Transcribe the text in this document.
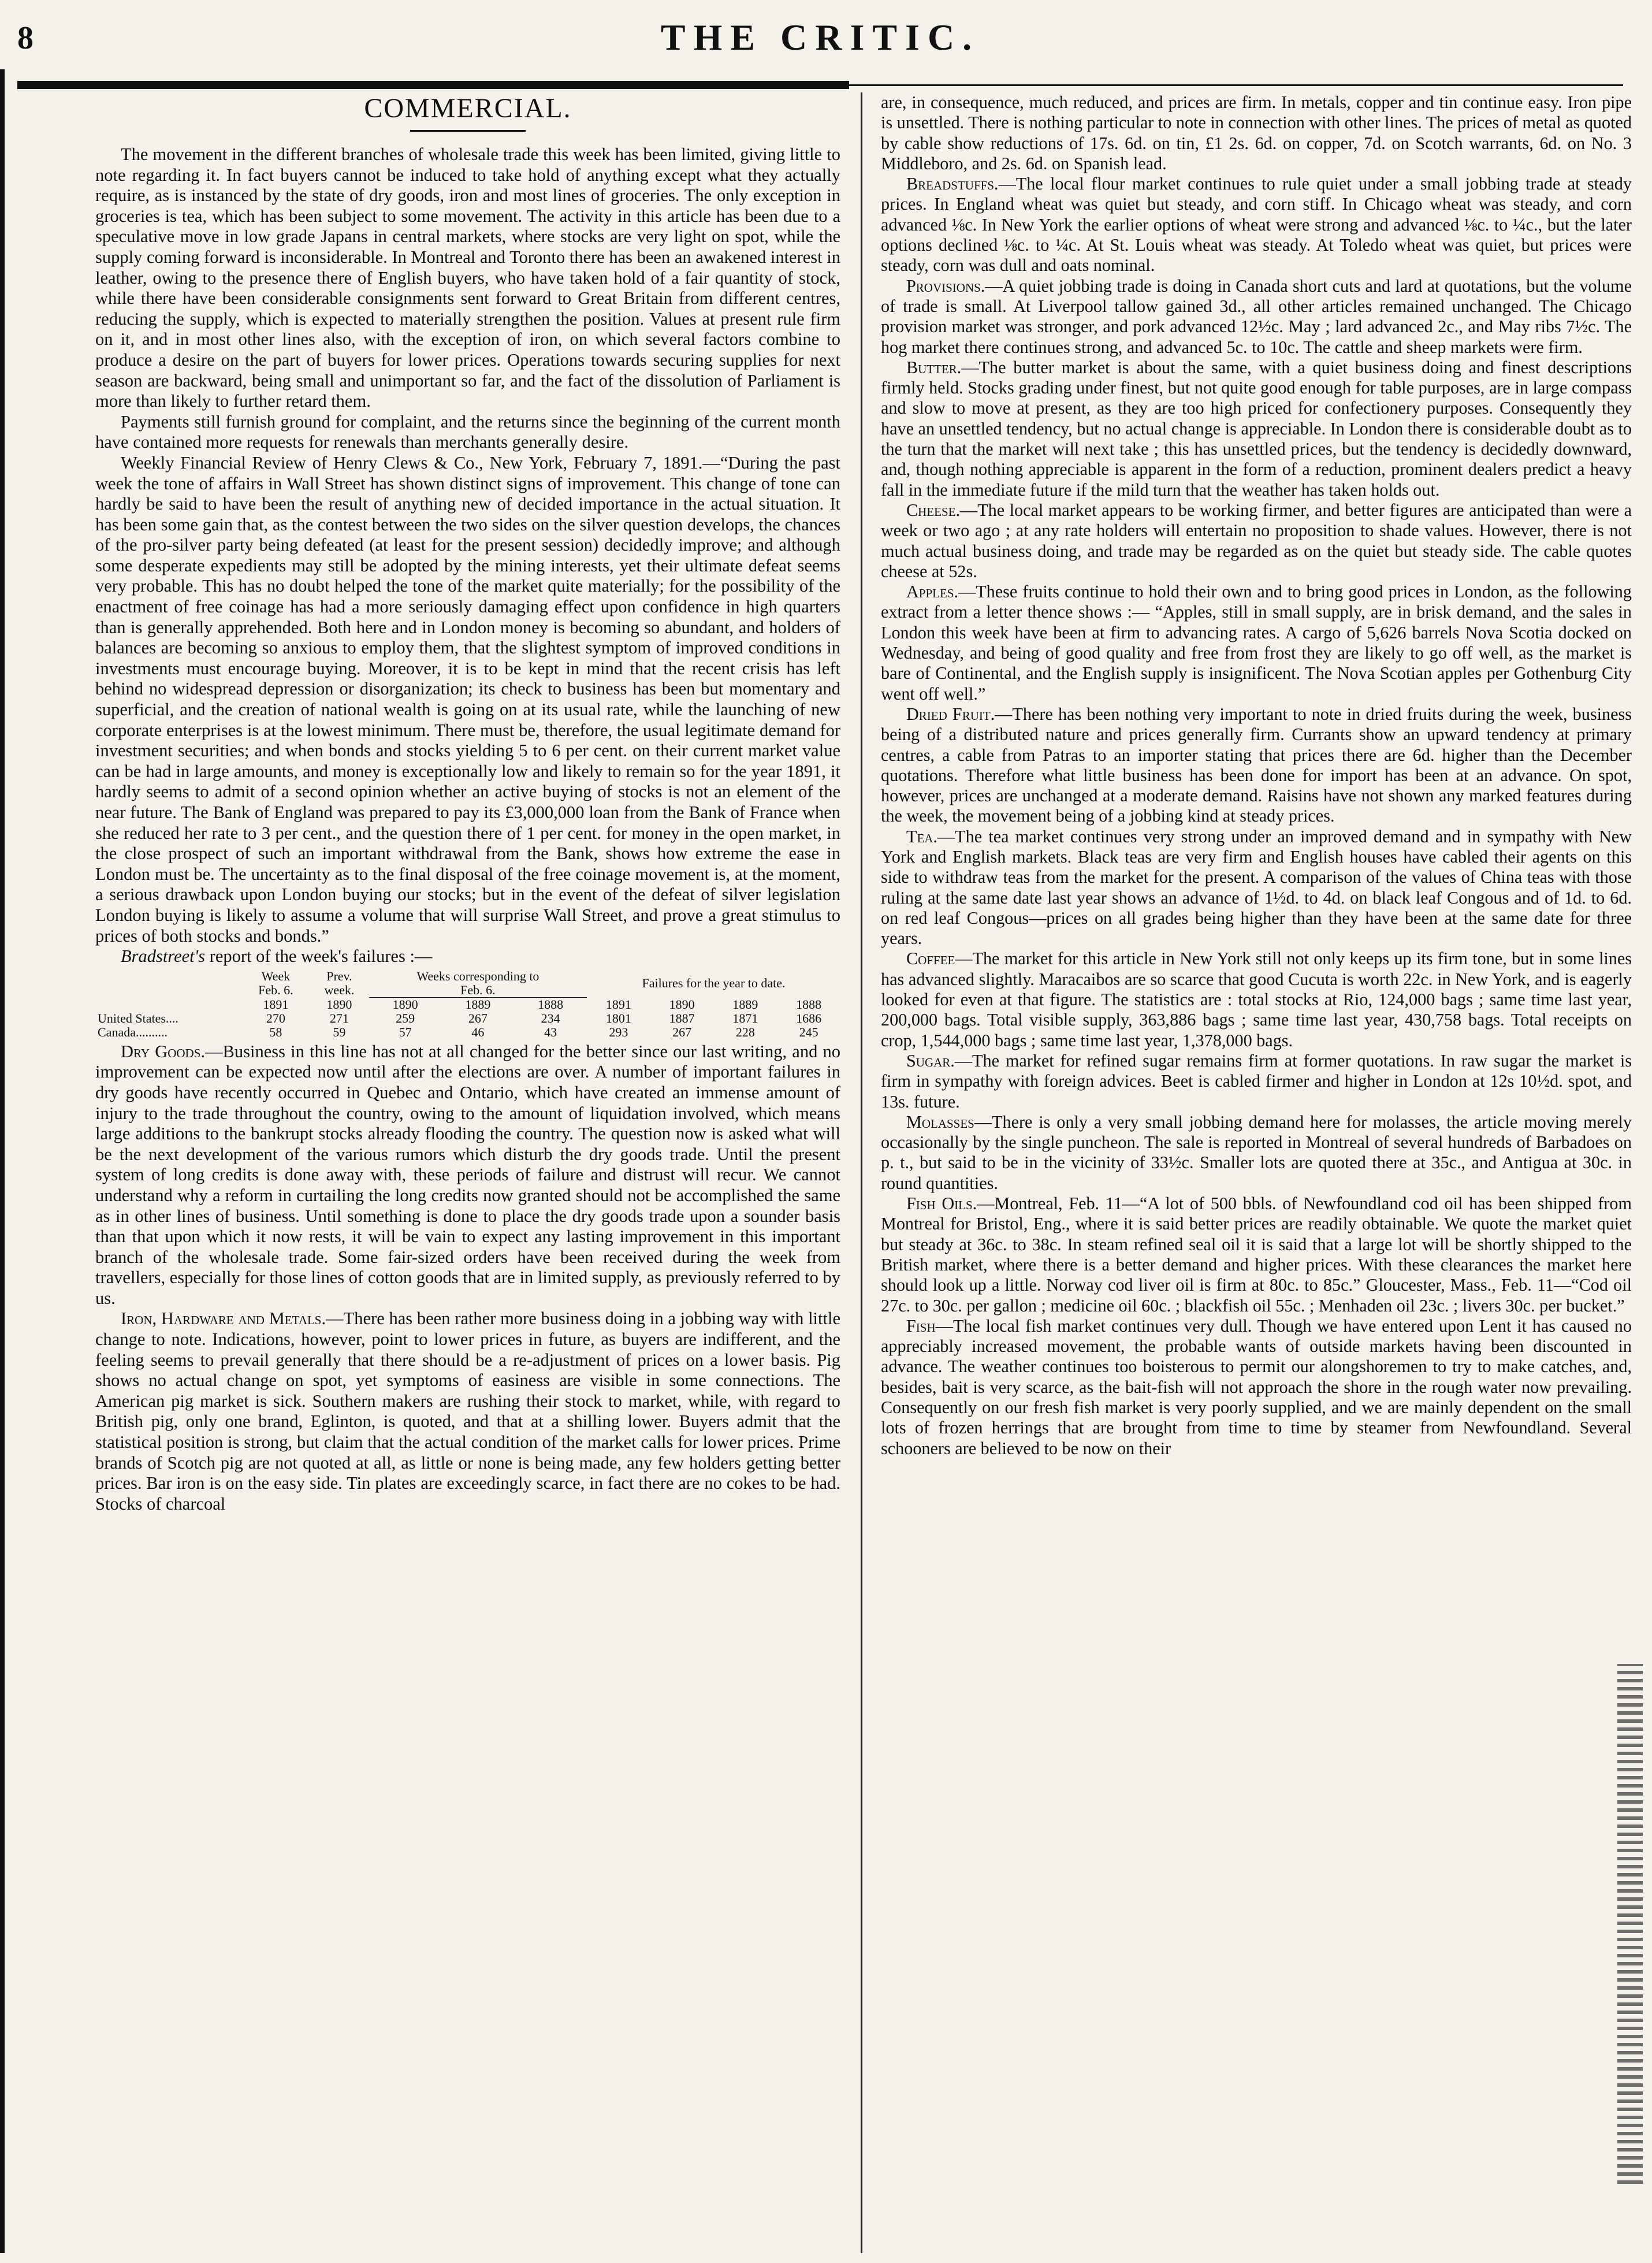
THE CRITIC.
8
COMMERCIAL.

The movement in the different branches of wholesale trade this week has been limited, giving little to note regarding it. In fact buyers cannot be induced to take hold of anything except what they actually require, as is instanced by the state of dry goods, iron and most lines of groceries. The only exception in groceries is tea, which has been subject to some movement. The activity in this article has been due to a speculative move in low grade Japans in central markets, where stocks are very light on spot, while the supply coming forward is inconsiderable. In Montreal and Toronto there has been an awakened interest in leather, owing to the presence there of English buyers, who have taken hold of a fair quantity of stock, while there have been considerable consignments sent forward to Great Britain from different centres, reducing the supply, which is expected to materially strengthen the position. Values at present rule firm on it, and in most other lines also, with the exception of iron, on which several factors combine to produce a desire on the part of buyers for lower prices. Operations towards securing supplies for next season are backward, being small and unimportant so far, and the fact of the dissolution of Parliament is more than likely to further retard them.

Payments still furnish ground for complaint, and the returns since the beginning of the current month have contained more requests for renewals than merchants generally desire.

Weekly Financial Review of Henry Clews & Co., New York, February 7, 1891.—“During the past week the tone of affairs in Wall Street has shown distinct signs of improvement. This change of tone can hardly be said to have been the result of anything new of decided importance in the actual situation. It has been some gain that, as the contest between the two sides on the silver question develops, the chances of the pro-silver party being defeated (at least for the present session) decidedly improve; and although some desperate expedients may still be adopted by the mining interests, yet their ultimate defeat seems very probable. This has no doubt helped the tone of the market quite materially; for the possibility of the enactment of free coinage has had a more seriously damaging effect upon confidence in high quarters than is generally apprehended. Both here and in London money is becoming so abundant, and holders of balances are becoming so anxious to employ them, that the slightest symptom of improved conditions in investments must encourage buying. Moreover, it is to be kept in mind that the recent crisis has left behind no widespread depression or disorganization; its check to business has been but momentary and superficial, and the creation of national wealth is going on at its usual rate, while the launching of new corporate enterprises is at the lowest minimum. There must be, therefore, the usual legitimate demand for investment securities; and when bonds and stocks yielding 5 to 6 per cent. on their current market value can be had in large amounts, and money is exceptionally low and likely to remain so for the year 1891, it hardly seems to admit of a second opinion whether an active buying of stocks is not an element of the near future. The Bank of England was prepared to pay its £3,000,000 loan from the Bank of France when she reduced her rate to 3 per cent., and the question there of 1 per cent. for money in the open market, in the close prospect of such an important withdrawal from the Bank, shows how extreme the ease in London must be. The uncertainty as to the final disposal of the free coinage movement is, at the moment, a serious drawback upon London buying our stocks; but in the event of the defeat of silver legislation London buying is likely to assume a volume that will surprise Wall Street, and prove a great stimulus to prices of both stocks and bonds.”

Bradstreet's report of the week's failures :—

	Week	Prev.	Weeks corresponding to			Failures for the year to date.			
	Feb. 6.	week.	Feb. 6.						
	1891	1890	1890	1889	1888	1891	1890	1889	1888
United States....	270	271	259	267	234	1801	1887	1871	1686
Canada..........	58	59	57	46	43	293	267	228	245

Dry Goods.—Business in this line has not at all changed for the better since our last writing, and no improvement can be expected now until after the elections are over. A number of important failures in dry goods have recently occurred in Quebec and Ontario, which have created an immense amount of injury to the trade throughout the country, owing to the amount of liquidation involved, which means large additions to the bankrupt stocks already flooding the country. The question now is asked what will be the next development of the various rumors which disturb the dry goods trade. Until the present system of long credits is done away with, these periods of failure and distrust will recur. We cannot understand why a reform in curtailing the long credits now granted should not be accomplished the same as in other lines of business. Until something is done to place the dry goods trade upon a sounder basis than that upon which it now rests, it will be vain to expect any lasting improvement in this important branch of the wholesale trade. Some fair-sized orders have been received during the week from travellers, especially for those lines of cotton goods that are in limited supply, as previously referred to by us.

Iron, Hardware and Metals.—There has been rather more business doing in a jobbing way with little change to note. Indications, however, point to lower prices in future, as buyers are indifferent, and the feeling seems to prevail generally that there should be a re-adjustment of prices on a lower basis. Pig shows no actual change on spot, yet symptoms of easiness are visible in some connections. The American pig market is sick. Southern makers are rushing their stock to market, while, with regard to British pig, only one brand, Eglinton, is quoted, and that at a shilling lower. Buyers admit that the statistical position is strong, but claim that the actual condition of the market calls for lower prices. Prime brands of Scotch pig are not quoted at all, as little or none is being made, any few holders getting better prices. Bar iron is on the easy side. Tin plates are exceedingly scarce, in fact there are no cokes to be had. Stocks of charcoal

are, in consequence, much reduced, and prices are firm. In metals, copper and tin continue easy. Iron pipe is unsettled. There is nothing particular to note in connection with other lines. The prices of metal as quoted by cable show reductions of 17s. 6d. on tin, £1 2s. 6d. on copper, 7d. on Scotch warrants, 6d. on No. 3 Middleboro, and 2s. 6d. on Spanish lead.

Breadstuffs.—The local flour market continues to rule quiet under a small jobbing trade at steady prices. In England wheat was quiet but steady, and corn stiff. In Chicago wheat was steady, and corn advanced ⅛c. In New York the earlier options of wheat were strong and advanced ⅛c. to ¼c., but the later options declined ⅛c. to ¼c. At St. Louis wheat was steady. At Toledo wheat was quiet, but prices were steady, corn was dull and oats nominal.

Provisions.—A quiet jobbing trade is doing in Canada short cuts and lard at quotations, but the volume of trade is small. At Liverpool tallow gained 3d., all other articles remained unchanged. The Chicago provision market was stronger, and pork advanced 12½c. May ; lard advanced 2c., and May ribs 7½c. The hog market there continues strong, and advanced 5c. to 10c. The cattle and sheep markets were firm.

Butter.—The butter market is about the same, with a quiet business doing and finest descriptions firmly held. Stocks grading under finest, but not quite good enough for table purposes, are in large compass and slow to move at present, as they are too high priced for confectionery purposes. Consequently they have an unsettled tendency, but no actual change is appreciable. In London there is considerable doubt as to the turn that the market will next take ; this has unsettled prices, but the tendency is decidedly downward, and, though nothing appreciable is apparent in the form of a reduction, prominent dealers predict a heavy fall in the immediate future if the mild turn that the weather has taken holds out.

Cheese.—The local market appears to be working firmer, and better figures are anticipated than were a week or two ago ; at any rate holders will entertain no proposition to shade values. However, there is not much actual business doing, and trade may be regarded as on the quiet but steady side. The cable quotes cheese at 52s.

Apples.—These fruits continue to hold their own and to bring good prices in London, as the following extract from a letter thence shows :— “Apples, still in small supply, are in brisk demand, and the sales in London this week have been at firm to advancing rates. A cargo of 5,626 barrels Nova Scotia docked on Wednesday, and being of good quality and free from frost they are likely to go off well, as the market is bare of Continental, and the English supply is insignificent. The Nova Scotian apples per Gothenburg City went off well.”

Dried Fruit.—There has been nothing very important to note in dried fruits during the week, business being of a distributed nature and prices generally firm. Currants show an upward tendency at primary centres, a cable from Patras to an importer stating that prices there are 6d. higher than the December quotations. Therefore what little business has been done for import has been at an advance. On spot, however, prices are unchanged at a moderate demand. Raisins have not shown any marked features during the week, the movement being of a jobbing kind at steady prices.

Tea.—The tea market continues very strong under an improved demand and in sympathy with New York and English markets. Black teas are very firm and English houses have cabled their agents on this side to withdraw teas from the market for the present. A comparison of the values of China teas with those ruling at the same date last year shows an advance of 1½d. to 4d. on black leaf Congous and of 1d. to 6d. on red leaf Congous—prices on all grades being higher than they have been at the same date for three years.

Coffee—The market for this article in New York still not only keeps up its firm tone, but in some lines has advanced slightly. Maracaibos are so scarce that good Cucuta is worth 22c. in New York, and is eagerly looked for even at that figure. The statistics are : total stocks at Rio, 124,000 bags ; same time last year, 200,000 bags. Total visible supply, 363,886 bags ; same time last year, 430,758 bags. Total receipts on crop, 1,544,000 bags ; same time last year, 1,378,000 bags.

Sugar.—The market for refined sugar remains firm at former quotations. In raw sugar the market is firm in sympathy with foreign advices. Beet is cabled firmer and higher in London at 12s 10½d. spot, and 13s. future.

Molasses—There is only a very small jobbing demand here for molasses, the article moving merely occasionally by the single puncheon. The sale is reported in Montreal of several hundreds of Barbadoes on p. t., but said to be in the vicinity of 33½c. Smaller lots are quoted there at 35c., and Antigua at 30c. in round quantities.

Fish Oils.—Montreal, Feb. 11—“A lot of 500 bbls. of Newfoundland cod oil has been shipped from Montreal for Bristol, Eng., where it is said better prices are readily obtainable. We quote the market quiet but steady at 36c. to 38c. In steam refined seal oil it is said that a large lot will be shortly shipped to the British market, where there is a better demand and higher prices. With these clearances the market here should look up a little. Norway cod liver oil is firm at 80c. to 85c.” Gloucester, Mass., Feb. 11—“Cod oil 27c. to 30c. per gallon ; medicine oil 60c. ; blackfish oil 55c. ; Menhaden oil 23c. ; livers 30c. per bucket.”

Fish—The local fish market continues very dull. Though we have entered upon Lent it has caused no appreciably increased movement, the probable wants of outside markets having been discounted in advance. The weather continues too boisterous to permit our alongshoremen to try to make catches, and, besides, bait is very scarce, as the bait-fish will not approach the shore in the rough water now prevailing. Consequently on our fresh fish market is very poorly supplied, and we are mainly dependent on the small lots of frozen herrings that are brought from time to time by steamer from Newfoundland. Several schooners are believed to be now on their
